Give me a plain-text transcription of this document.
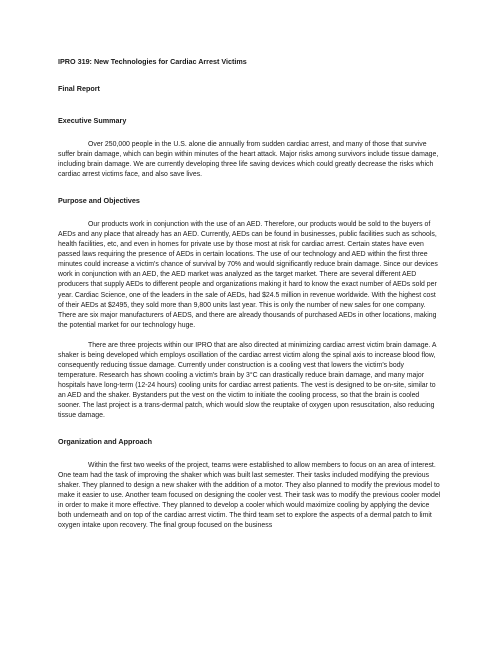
IPRO 319: New Technologies for Cardiac Arrest Victims

Final Report

Executive Summary

Over 250,000 people in the U.S. alone die annually from sudden cardiac arrest, and many of those that survive suffer brain damage, which can begin within minutes of the heart attack. Major risks among survivors include tissue damage, including brain damage. We are currently developing three life saving devices which could greatly decrease the risks which cardiac arrest victims face, and also save lives.

Purpose and Objectives

Our products work in conjunction with the use of an AED. Therefore, our products would be sold to the buyers of AEDs and any place that already has an AED. Currently, AEDs can be found in businesses, public facilities such as schools, health facilities, etc, and even in homes for private use by those most at risk for cardiac arrest. Certain states have even passed laws requiring the presence of AEDs in certain locations. The use of our technology and AED within the first three minutes could increase a victim's chance of survival by 70% and would significantly reduce brain damage. Since our devices work in conjunction with an AED, the AED market was analyzed as the target market. There are several different AED producers that supply AEDs to different people and organizations making it hard to know the exact number of AEDs sold per year. Cardiac Science, one of the leaders in the sale of AEDs, had $24.5 million in revenue worldwide. With the highest cost of their AEDs at $2495, they sold more than 9,800 units last year. This is only the number of new sales for one company. There are six major manufacturers of AEDS, and there are already thousands of purchased AEDs in other locations, making the potential market for our technology huge.

There are three projects within our IPRO that are also directed at minimizing cardiac arrest victim brain damage. A shaker is being developed which employs oscillation of the cardiac arrest victim along the spinal axis to increase blood flow, consequently reducing tissue damage. Currently under construction is a cooling vest that lowers the victim's body temperature. Research has shown cooling a victim's brain by 3°C can drastically reduce brain damage, and many major hospitals have long-term (12-24 hours) cooling units for cardiac arrest patients. The vest is designed to be on-site, similar to an AED and the shaker. Bystanders put the vest on the victim to initiate the cooling process, so that the brain is cooled sooner. The last project is a trans-dermal patch, which would slow the reuptake of oxygen upon resuscitation, also reducing tissue damage.

Organization and Approach

Within the first two weeks of the project, teams were established to allow members to focus on an area of interest. One team had the task of improving the shaker which was built last semester. Their tasks included modifying the previous shaker. They planned to design a new shaker with the addition of a motor. They also planned to modify the previous model to make it easier to use. Another team focused on designing the cooler vest. Their task was to modify the previous cooler model in order to make it more effective. They planned to develop a cooler which would maximize cooling by applying the device both underneath and on top of the cardiac arrest victim. The third team set to explore the aspects of a dermal patch to limit oxygen intake upon recovery. The final group focused on the business
